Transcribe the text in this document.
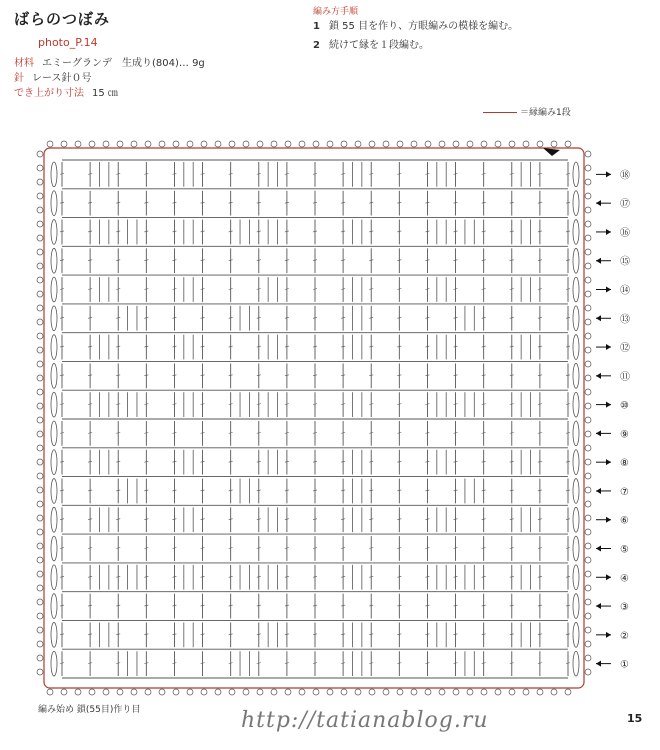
ばらのつぼみ
photo_P.14
材料 エミーグランデ　生成り(804)… 9g
針 レース針０号
でき上がり寸法 15 ㎝
編み方手順
1 鎖 55 目を作り、方眼編みの模様を編む。
2 続けて縁を１段編む。
＝縁編み1段
①
②
③
④
⑤
⑥
⑦
⑧
⑨
⑩
⑪
⑫
⑬
⑭
⑮
⑯
⑰
⑱
編み始め 鎖(55目)作り目	http://tatianablog.ru	15
